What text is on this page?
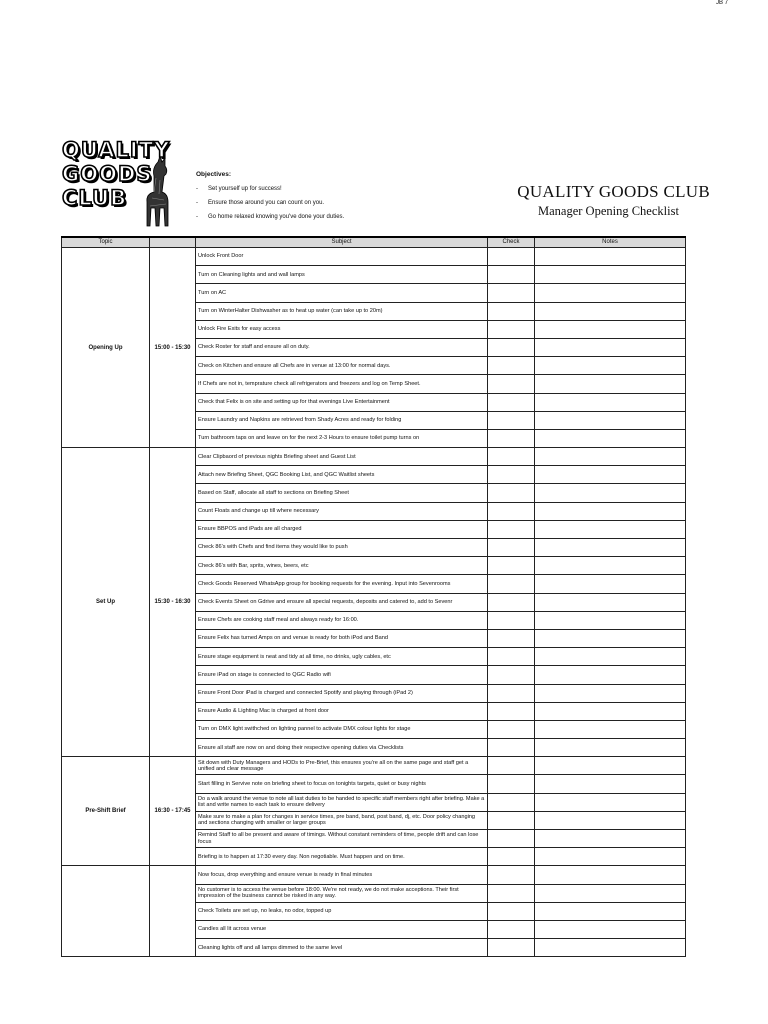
JB 7
QUALITY
GOODS
CLUB
Objectives:
-	Set yourself up for success!
-	Ensure those around you can count on you.
-	Go home relaxed knowing you've done your duties.
QUALITY GOODS CLUB
Manager Opening Checklist
Topic		Subject	Check	Notes
Opening Up	15:00 - 15:30	Unlock Front Door		
		Turn on Cleaning lights and and wall lamps		
		Turn on AC		
		Turn on WinterHalter Dishwasher as to heat up water (can take up to 20m)		
		Unlock Fire Exits for easy access		
		Check Roster for staff and ensure all on duty.		
		Check on Kitchen and ensure all Chefs are in venue at 13:00 for normal days.		
		If Chefs are not in, temprature check all refrigerators and freezers and log on Temp Sheet.		
		Check that Felix is on site and setting up for that evenings Live Entertainment		
		Ensure Laundry and Napkins are retrieved from Shady Acres and ready for folding		
		Turn bathroom taps on and leave on for the next 2-3 Hours to ensure toilet pump turns on		
Set Up	15:30 - 16:30	Clear Clipbaord of previous nights Briefing sheet and Guest List		
		Attach new Briefing Sheet, QGC Booking List, and QGC Waitlist sheets		
		Based on Staff, allocate all staff to sections on Briefing Sheet		
		Count Floats and change up till where necessary		
		Ensure BBPOS and iPads are all charged		
		Check 86's with Chefs and find items they would like to push		
		Check 86's with Bar, sprits, wines, beers, etc		
		Check Goods Reserved WhatsApp group for booking requests for the evening. Input into Sevenrooms		
		Check Events Sheet on Gdrive and ensure all special requests, deposits and catered to, add to Sevenr		
		Ensure Chefs are cooking staff meal and always ready for 16:00.		
		Ensure Felix has turned Amps on and venue is ready for both iPod and Band		
		Ensure stage equipment is neat and tidy at all time, no drinks, ugly cables, etc		
		Ensure iPad on stage is connected to QGC Radio wifi		
		Ensure Front Door iPad is charged and connected Spotify and playing through (iPad 2)		
		Ensure Audio & Lighting Mac is charged at front door		
		Turn on DMX light swithched on lighting pannel to activate DMX colour lights for stage		
		Ensure all staff are now on and doing their respective opening duties via Checklists		
Pre-Shift Brief	16:30 - 17:45	Sit down with Duty Managers and HODs to Pre-Brief, this ensures you're all on the same page and staff get a unified and clear message		
		Start filling in Servive note on briefing sheet to focus on tonights targets, quiet or busy nights		
		Do a walk around the venue to note all last duties to be handed to specific staff members right after briefing. Make a list and write names to each task to ensure delivery		
		Make sure to make a plan for changes in service times, pre band, band, post band, dj, etc. Door policy changing and sections changing with smaller or larger groups		
		Remind Staff to all be present and aware of timings. Without constant reminders of time, people drift and can lose focus		
		Briefing is to happen at 17:30 every day. Non negotiable. Must happen and on time.		
		Now focus, drop everything and ensure venue is ready in final minutes		
		No customer is to access the venue before 18:00. We're not ready, we do not make acceptions. Their first impression of the business cannot be risked in any way.		
		Check Toilets are set up, no leaks, no odor, topped up		
		Candles all lit across venue		
		Cleaning lights off and all lamps dimmed to the same level		
